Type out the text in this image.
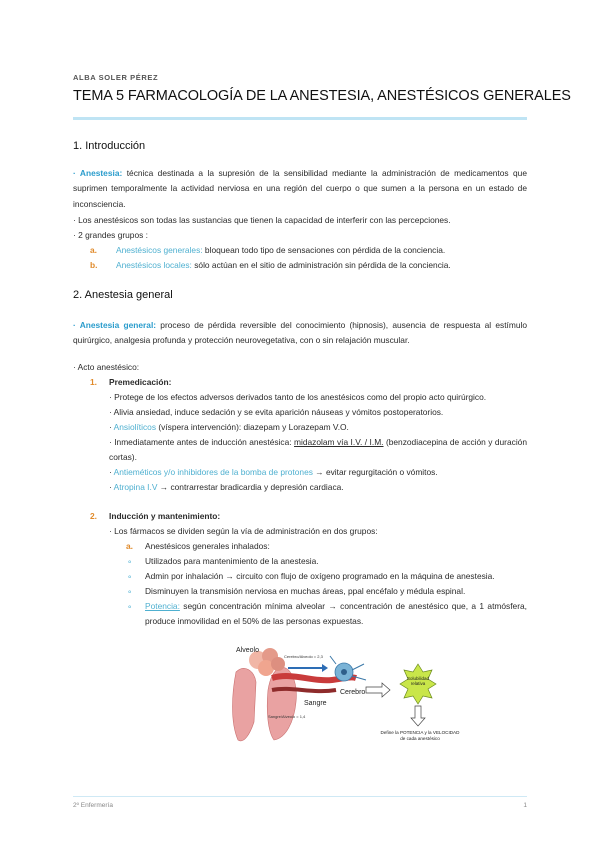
ALBA SOLER PÉREZ
TEMA 5 FARMACOLOGÍA DE LA ANESTESIA, ANESTÉSICOS GENERALES
1. Introducción
· Anestesia: técnica destinada a la supresión de la sensibilidad mediante la administración de medicamentos que suprimen temporalmente la actividad nerviosa en una región del cuerpo o que sumen a la persona en un estado de inconsciencia.
· Los anestésicos son todas las sustancias que tienen la capacidad de interferir con las percepciones.
· 2 grandes grupos :
a. Anestésicos generales: bloquean todo tipo de sensaciones con pérdida de la conciencia.
b. Anestésicos locales: sólo actúan en el sitio de administración sin pérdida de la conciencia.
2. Anestesia general
· Anestesia general: proceso de pérdida reversible del conocimiento (hipnosis), ausencia de respuesta al estímulo quirúrgico, analgesia profunda y protección neurovegetativa, con o sin relajación muscular.
· Acto anestésico:
1. Premedicación:
· Protege de los efectos adversos derivados tanto de los anestésicos como del propio acto quirúrgico.
· Alivia ansiedad, induce sedación y se evita aparición náuseas y vómitos postoperatorios.
· Ansiolíticos (víspera intervención): diazepam y Lorazepam V.O.
· Inmediatamente antes de inducción anestésica: midazolam vía I.V. / I.M. (benzodiacepina de acción y duración cortas).
· Antieméticos y/o inhibidores de la bomba de protones → evitar regurgitación o vómitos.
· Atropina I.V → contrarrestar bradicardia y depresión cardiaca.
2. Inducción y mantenimiento:
· Los fármacos se dividen según la vía de administración en dos grupos:
a. Anestésicos generales inhalados:
∘ Utilizados para mantenimiento de la anestesia.
∘ Admin por inhalación → circuito con flujo de oxígeno programado en la máquina de anestesia.
∘ Disminuyen la transmisión nerviosa en muchas áreas, ppal encéfalo y médula espinal.
∘ Potencia: según concentración mínima alveolar → concentración de anestésico que, a 1 atmósfera, produce inmovilidad en el 50% de las personas expuestas.
Alveolo
Cerebro/Alveolo = 2,3
Cerebro
Sangre
Sangre/Alveolo = 1,4
Solubilidad relativa
Define la POTENCIA y la VELOCIDAD de cada anestésico
2º Enfermería	1
